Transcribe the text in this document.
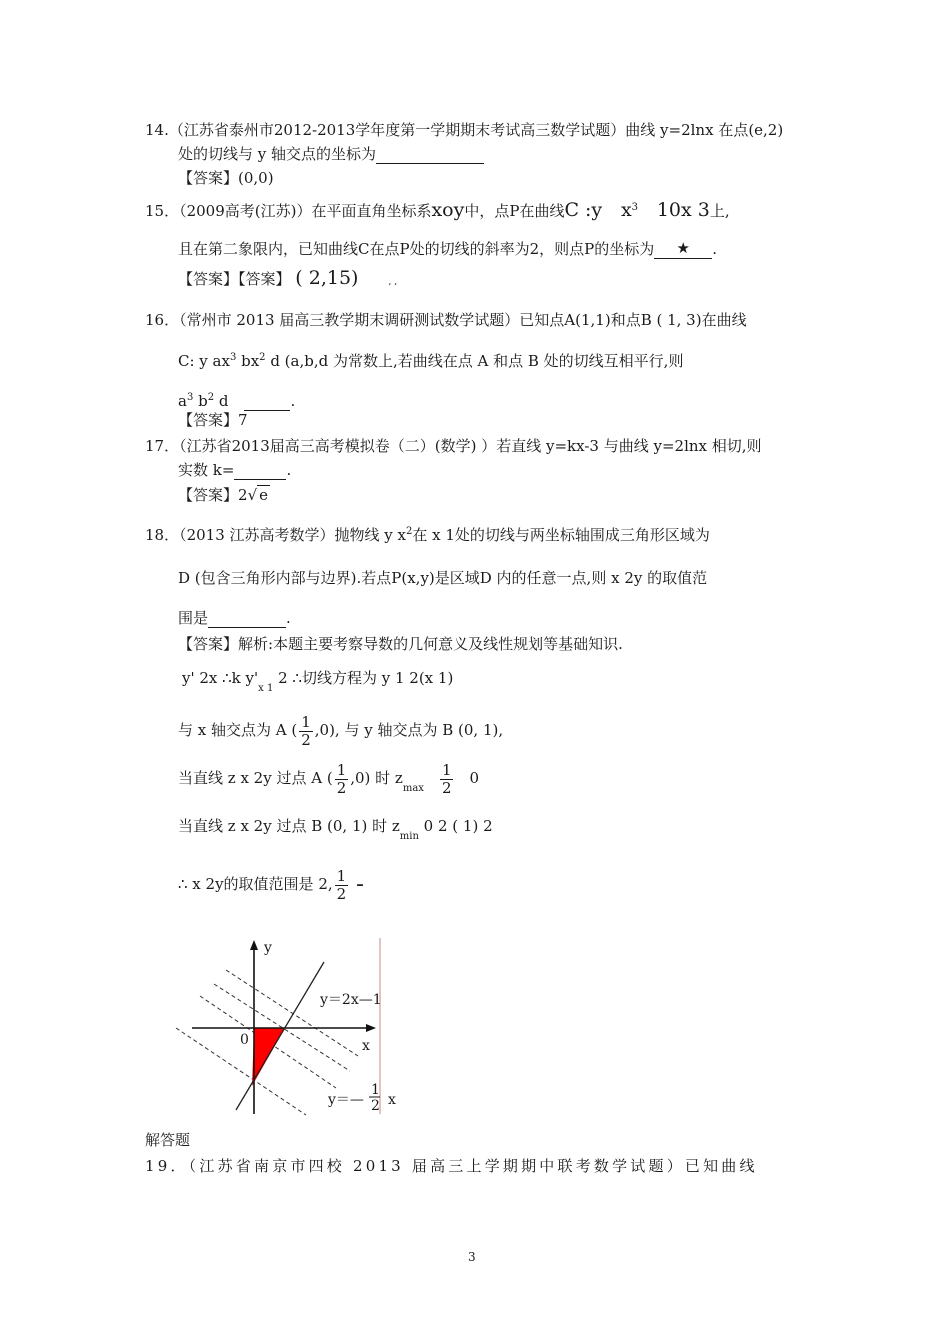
14.（江苏省泰州市2012-2013学年度第一学期期末考试高三数学试题）曲线 y=2lnx 在点(e,2)
处的切线与 y 轴交点的坐标为
【答案】(0,0)
15．（2009高考(江苏)）在平面直角坐标系xoy中，点P在曲线C :y $x^3$ 10x 3上,
且在第二象限内，已知曲线C在点P处的切线的斜率为2，则点P的坐标为 ★ .
【答案】【答案】 ( 2,15)	, ,
16．（常州市 2013 届高三教学期末调研测试数学试题）已知点A(1,1)和点B ( 1, 3)在曲线
C: y $ax^3$ $bx^2$ d (a,b,d 为常数上,若曲线在点 A 和点 B 处的切线互相平行,则
$a^3$ $b^2$ d	.
【答案】7
17．（江苏省2013届高三高考模拟卷（二）(数学) ）若直线 y=kx-3 与曲线 y=2lnx 相切,则
实数 k=	.
【答案】2√ e
18．（2013 江苏高考数学）抛物线 y $x^2$在 x 1处的切线与两坐标轴围成三角形区域为
D (包含三角形内部与边界).若点P(x,y)是区域D 内的任意一点,则 x 2y 的取值范
围是	.
【答案】解析:本题主要考察导数的几何意义及线性规划等基础知识.
y' 2x ∴k $y'_{x 1}$ 2 ∴切线方程为 y 1 2(x 1)
与 x 轴交点为 A ( $\frac{1}{2} ,0$), 与 y 轴交点为 B (0, 1),
当直线 z x 2y 过点 A ( $\frac{1}{2} ,0$) 时 $z_{max} \frac{1}{2} 0$
当直线 z x 2y 过点 B (0, 1) 时 $z_{min}$ 0 2 ( 1) 2
∴ x 2y的取值范围是 2, $\frac{1}{2}$ –
y
x
0
y＝2x—1
y＝—
1
2 x
解答题
19．（江苏省南京市四校 2013 届高三上学期期中联考数学试题）已知曲线
3
